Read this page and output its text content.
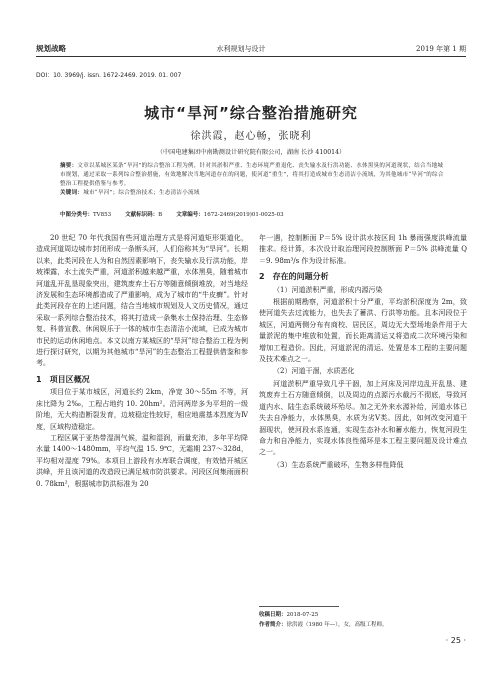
规划战略	水利规划与设计	2019 年第 1 期
DOI：10. 3969/j. issn. 1672-2469. 2019. 01. 007
城市“旱河”综合整治措施研究
徐洪霞，赵心畅，张晓利
（中国电建集团中南勘测设计研究院有限公司，湖南 长沙 410014）
摘要：文章以某城区某条“旱河”的综合整治工程为例，针对其淤积严重、生态环境严重退化、丧失输水及行洪功能、水体黑臭的河道现状，结合当地城市规划，通过采取一系列综合整治措施，有效地解决当地河道存在的问题，使河道“重生”，将其打造成城市生态清洁小流域，为其他城市“旱河”的综合整治工程提供借鉴与参考。
关键词：城市“旱河”；综合整治技术；生态清洁小流域
中图分类号：TV853	文献标识码：B	文章编号：1672-2469(2019)01-0025-03

20 世纪 70 年代我国有些河道治理方式是将河道矩形渠道化，造成河道周边城市封闭形成一条断头河，人们俗称其为“旱河”。长期以来，此类河段在人为和自然因素影响下，丧失输水及行洪功能，岸坡裸露，水土流失严重，河道淤积越来越严重，水体黑臭，随着城市河道乱开乱垦现象突出，建筑废弃土石方等随意倾倒堆放，对当地经济发展和生态环境都造成了严重影响，成为了城市的“牛皮癣”。针对此类河段存在的上述问题，结合当地城市规划及人文历史情况，通过采取一系列综合整治技术，将其打造成一条集水土保持治理、生态修复、科普宣教、休闲娱乐于一体的城市生态清洁小流域，已成为城市市民的运动休闲地点。本文以南方某城区的“旱河”综合整治工程为例进行探讨研究，以期为其他城市“旱河”的生态整治工程提供借鉴和参考。

1　项目区概况

项目位于某市城区，河道长约 2km，净宽 30～55m 不等，河床比降为 2‰，工程占地约 10. 20hm²。沿河两岸多为平坦的一级阶地，无大构造断裂发育，边坡稳定性较好，相应地震基本烈度为Ⅳ度，区域构造稳定。

工程区属于亚热带湿润气候，温和湿润，雨量充沛，多年平均降水量 1400～1480mm，平均气温 15. 9℃，无霜期 237～328d，平均相对湿度 79%。本项目上游段有水库联合调度，有效错开城区洪峰，并且该河道的改造段已满足城市防洪要求。河段区间集雨面积 0. 78km²，根据城市防洪标准为 20

年一遇，控制断面 P＝5% 设计洪水按区间 1h 暴雨强度洪峰流量推求。经计算，本次设计取治理河段控制断面 P＝5% 洪峰流量 Q＝9. 98m³/s 作为设计标准。

2　存在的问题分析
（1）河道淤积严重，形成内源污染

根据前期勘察，河道淤积十分严重，平均淤积深度为 2m，致使河道失去过流能力，也失去了蓄洪、行洪等功能。且本河段位于城区，河道两侧分布有商校、居民区，周边无大型场地条件用于大量淤泥的集中堆放和处置，而长距离清运又将造成二次环境污染和增加工程造价。因此，河道淤泥的清运、处置是本工程的主要问题及技术难点之一。

（2）河道干涸，水质恶化

河道淤积严重导致几乎干涸，加上河床及河岸边乱开乱垦、建筑废弃土石方随意倾倒，以及周边的点源污水截污不彻底，导致河道内水、陆生态系统破坏殆尽。加之无外来水源补给，河道水体已失去自净能力，水体黑臭，水质为劣Ⅴ类。因此，如何改变河道干涸现状，使河段水系连通，实现生态补水和蓄水能力，恢复河段生命力和自净能力，实现水体良性循环是本工程主要问题及设计难点之一。

（3）生态系统严重破坏，生物多样性降低
收稿日期：2018-07-25
作者简介：徐洪霞（1980 年—），女，高级工程师。
· 25 ·
